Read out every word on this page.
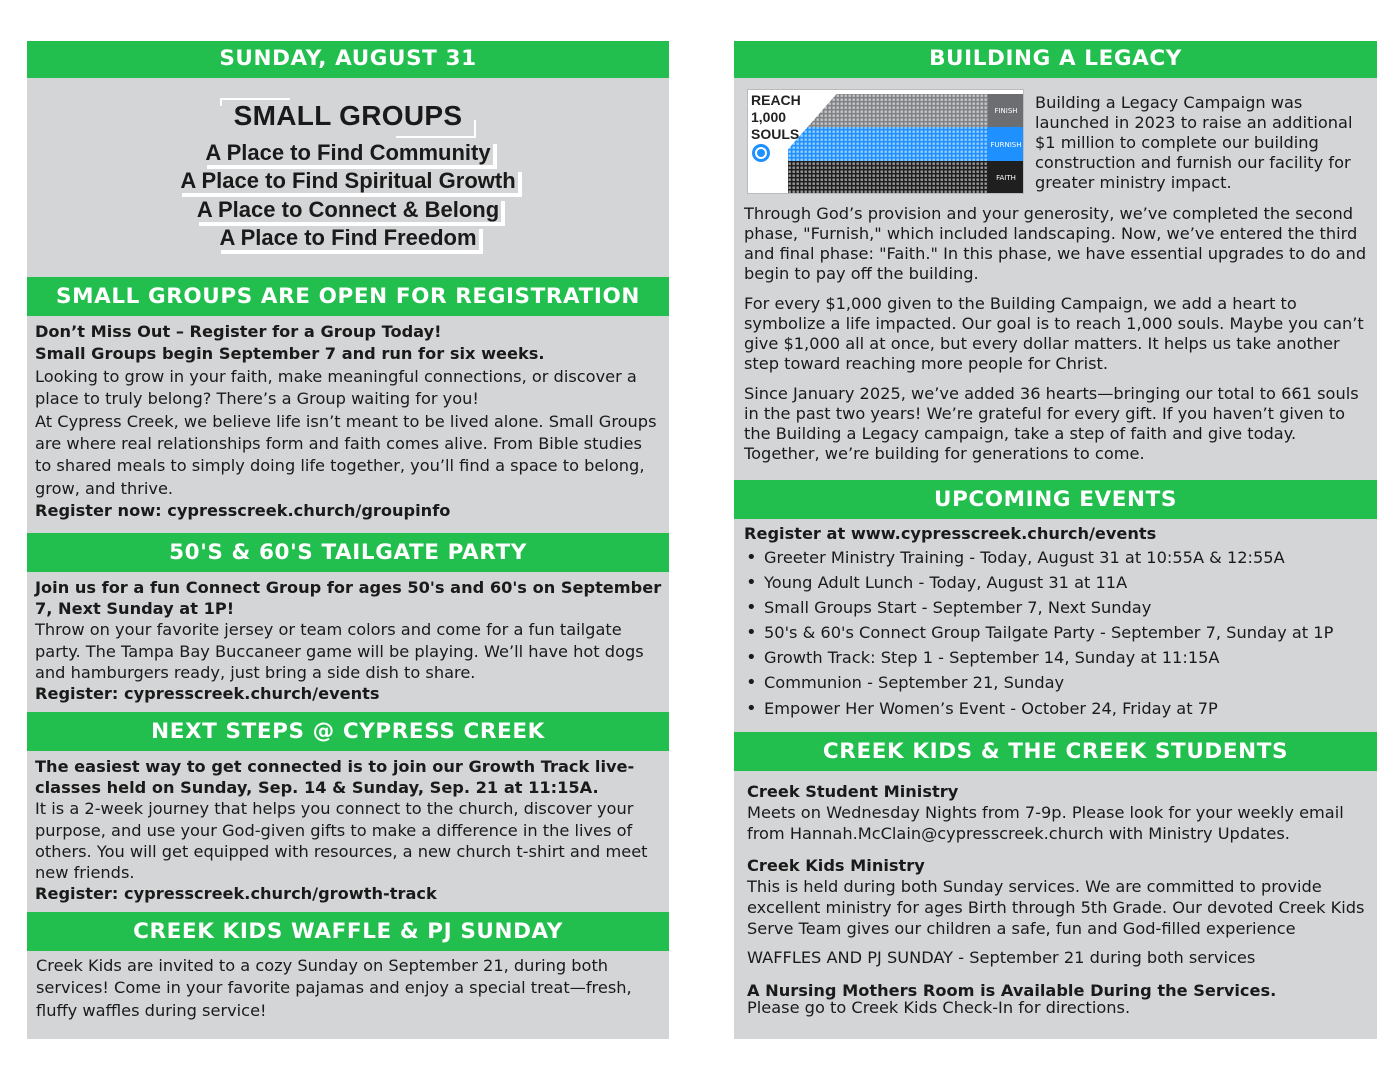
SUNDAY, AUGUST 31
SMALL GROUPS
A Place to Find Community
A Place to Find Spiritual Growth
A Place to Connect & Belong
A Place to Find Freedom
SMALL GROUPS ARE OPEN FOR REGISTRATION

Don’t Miss Out – Register for a Group Today!

Small Groups begin September 7 and run for six weeks.

Looking to grow in your faith, make meaningful connections, or discover a place to truly belong? There’s a Group waiting for you!

At Cypress Creek, we believe life isn’t meant to be lived alone. Small Groups are where real relationships form and faith comes alive. From Bible studies to shared meals to simply doing life together, you’ll find a space to belong, grow, and thrive.

Register now: cypresscreek.church/groupinfo

50'S & 60'S TAILGATE PARTY

Join us for a fun Connect Group for ages 50's and 60's on September 7, Next Sunday at 1P!

Throw on your favorite jersey or team colors and come for a fun tailgate party. The Tampa Bay Buccaneer game will be playing. We’ll have hot dogs and hamburgers ready, just bring a side dish to share.

Register: cypresscreek.church/events

NEXT STEPS @ CYPRESS CREEK

The easiest way to get connected is to join our Growth Track live-classes held on Sunday, Sep. 14 & Sunday, Sep. 21 at 11:15A.

It is a 2-week journey that helps you connect to the church, discover your purpose, and use your God-given gifts to make a difference in the lives of others. You will get equipped with resources, a new church t-shirt and meet new friends.

Register: cypresscreek.church/growth-track

CREEK KIDS WAFFLE & PJ SUNDAY

Creek Kids are invited to a cozy Sunday on September 21, during both services! Come in your favorite pajamas and enjoy a special treat—fresh, fluffy waffles during service!

BUILDING A LEGACY
FINISH
FURNISH
FAITH
REACH
1,000
SOULS
Building a Legacy Campaign was launched in 2023 to raise an additional $1 million to complete our building construction and furnish our facility for greater ministry impact.

Through God’s provision and your generosity, we’ve completed the second phase, "Furnish," which included landscaping. Now, we’ve entered the third and final phase: "Faith." In this phase, we have essential upgrades to do and begin to pay off the building.

For every $1,000 given to the Building Campaign, we add a heart to symbolize a life impacted. Our goal is to reach 1,000 souls. Maybe you can’t give $1,000 all at once, but every dollar matters. It helps us take another step toward reaching more people for Christ.

Since January 2025, we’ve added 36 hearts—bringing our total to 661 souls in the past two years! We’re grateful for every gift. If you haven’t given to the Building a Legacy campaign, take a step of faith and give today. Together, we’re building for generations to come.

UPCOMING EVENTS

Register at www.cypresscreek.church/events

• Greeter Ministry Training - Today, August 31 at 10:55A & 12:55A
• Young Adult Lunch - Today, August 31 at 11A
• Small Groups Start - September 7, Next Sunday
• 50's & 60's Connect Group Tailgate Party - September 7, Sunday at 1P
• Growth Track: Step 1 - September 14, Sunday at 11:15A
• Communion - September 21, Sunday
• Empower Her Women’s Event - October 24, Friday at 7P
CREEK KIDS & THE CREEK STUDENTS

Creek Student Ministry

Meets on Wednesday Nights from 7-9p. Please look for your weekly email from Hannah.McClain@cypresscreek.church with Ministry Updates.

Creek Kids Ministry

This is held during both Sunday services. We are committed to provide excellent ministry for ages Birth through 5th Grade. Our devoted Creek Kids Serve Team gives our children a safe, fun and God-filled experience

WAFFLES AND PJ SUNDAY - September 21 during both services

A Nursing Mothers Room is Available During the Services.

Please go to Creek Kids Check-In for directions.
